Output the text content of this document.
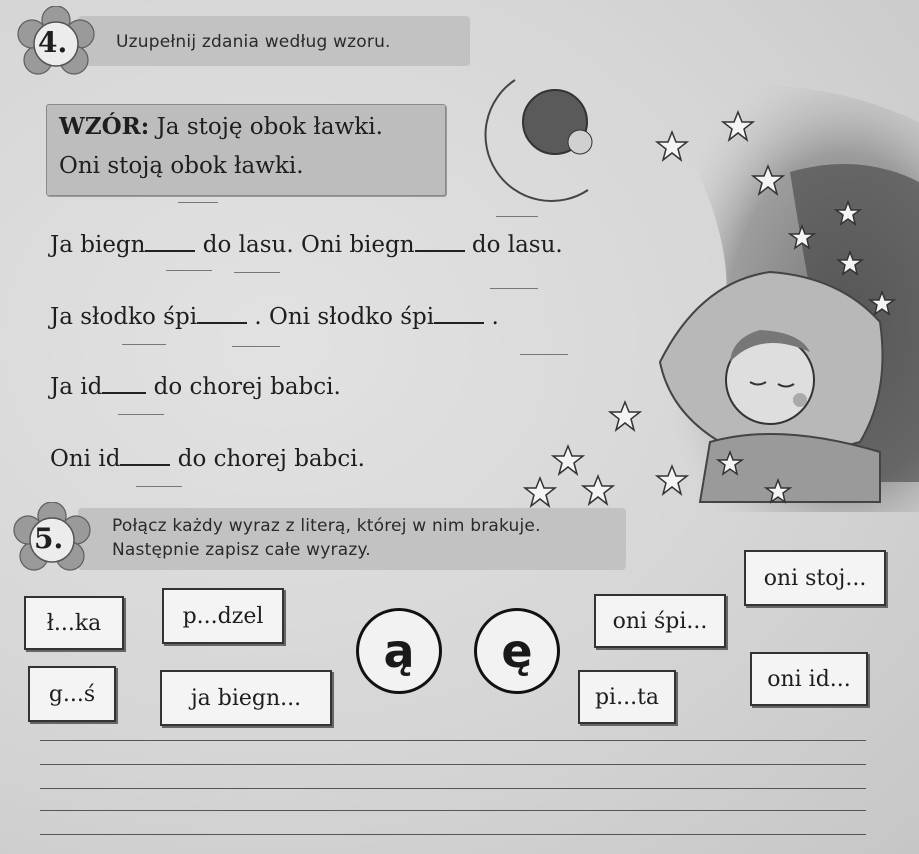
4.	Uzupełnij zdania według wzoru.
WZÓR: Ja stoję obok ławki.
Oni stoją obok ławki.
Ja biegn do lasu. Oni biegn do lasu.
Ja słodko śpi . Oni słodko śpi .
Ja id do chorej babci.
Oni id do chorej babci.
5.	Połącz każdy wyraz z literą, której w nim brakuje.
Następnie zapisz całe wyrazy.
ł...ka	p...dzel
g...ś	ja biegn...
oni stoj...
oni śpi...
oni id...
pi...ta
ą	ę
